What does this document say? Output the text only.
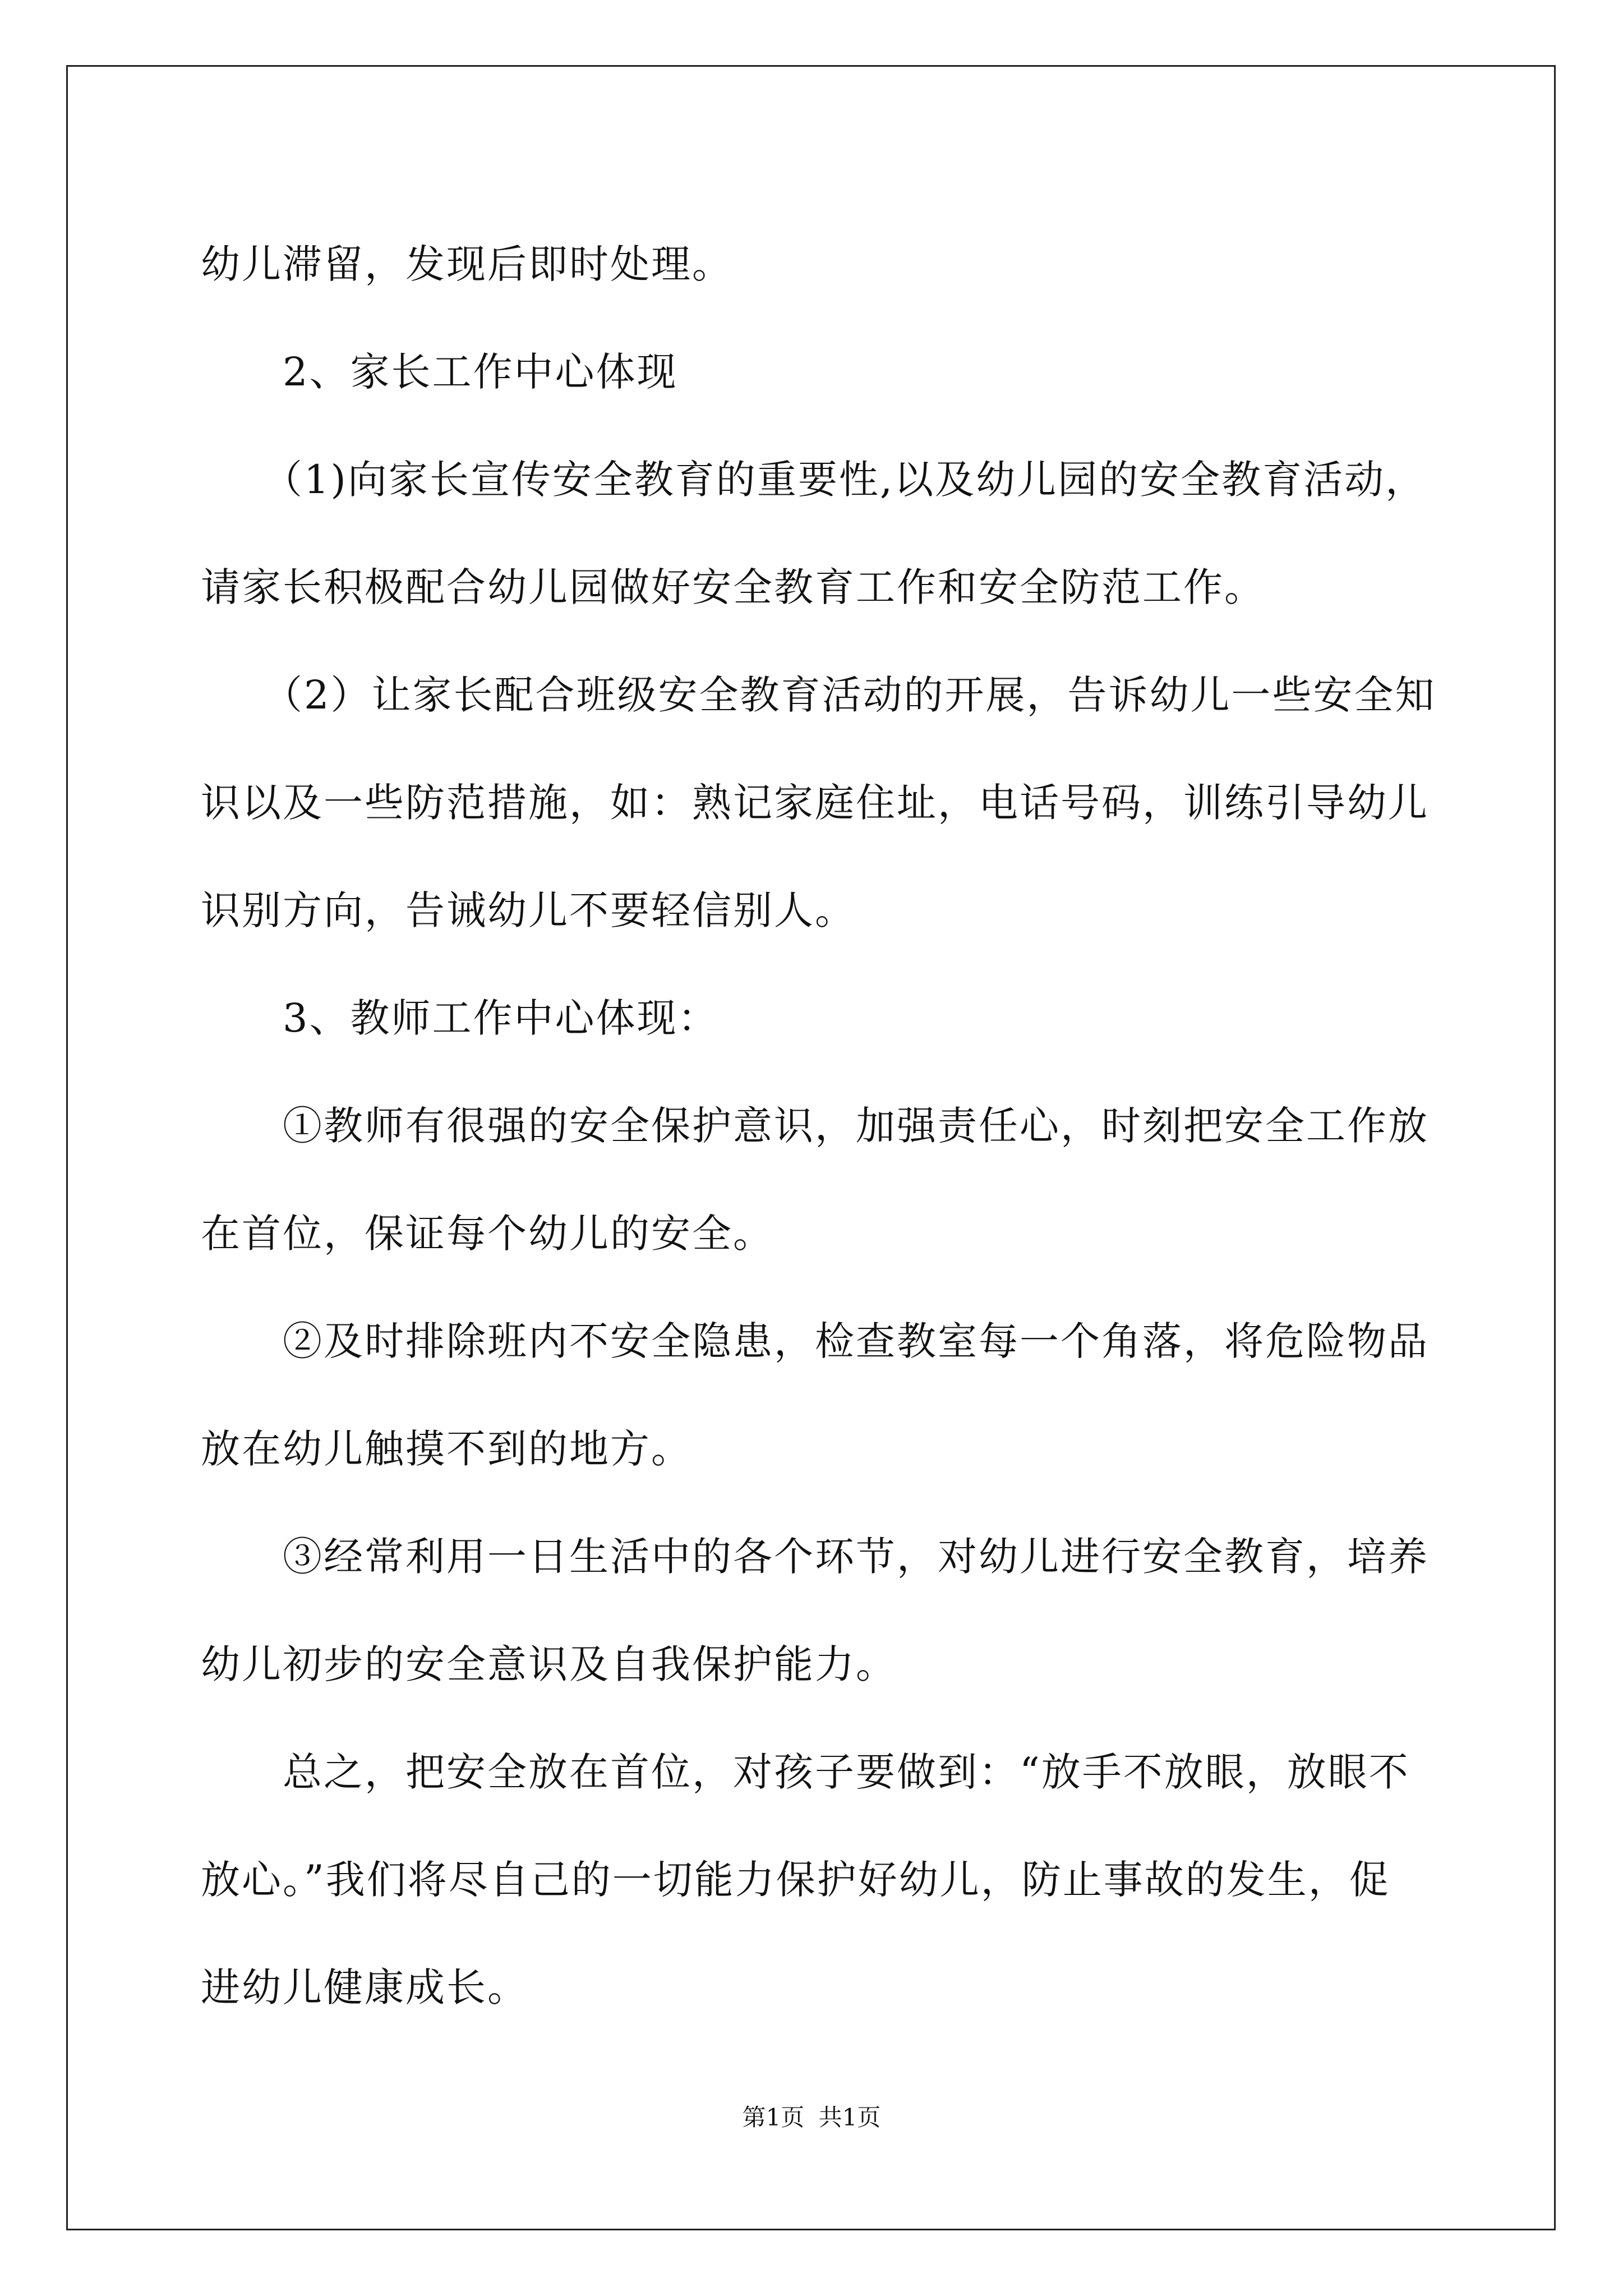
幼儿滞留，发现后即时处理。
　　2、家长工作中心体现
　　（1)向家长宣传安全教育的重要性,以及幼儿园的安全教育活动，
请家长积极配合幼儿园做好安全教育工作和安全防范工作。
　　（2）让家长配合班级安全教育活动的开展，告诉幼儿一些安全知
识以及一些防范措施，如：熟记家庭住址，电话号码，训练引导幼儿
识别方向，告诫幼儿不要轻信别人。
　　3、教师工作中心体现：
　　①教师有很强的安全保护意识，加强责任心，时刻把安全工作放
在首位，保证每个幼儿的安全。
　　②及时排除班内不安全隐患，检查教室每一个角落，将危险物品
放在幼儿触摸不到的地方。
　　③经常利用一日生活中的各个环节，对幼儿进行安全教育，培养
幼儿初步的安全意识及自我保护能力。
　　总之，把安全放在首位，对孩子要做到：“放手不放眼，放眼不
放心。”我们将尽自己的一切能力保护好幼儿，防止事故的发生，促
进幼儿健康成长。
第1页 共1页
